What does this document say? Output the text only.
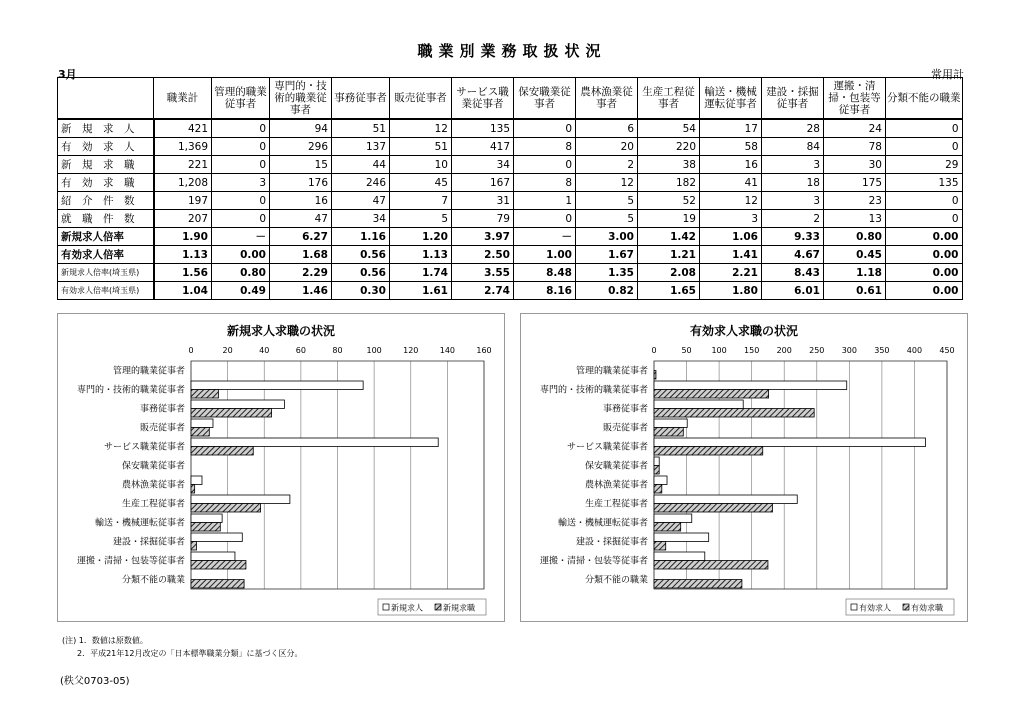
職業別業務取扱状況
3月	常用計
	職業計	管理的職業従事者	専門的・技術的職業従事者	事務従事者	販売従事者	サービス職業従事者	保安職業従事者	農林漁業従事者	生産工程従事者	輸送・機械運転従事者	建設・採掘従事者	運搬・清掃・包装等従事者	分類不能の職業
新　規　求　人	421	0	94	51	12	135	0	6	54	17	28	24	0
有　効　求　人	1,369	0	296	137	51	417	8	20	220	58	84	78	0
新　規　求　職	221	0	15	44	10	34	0	2	38	16	3	30	29
有　効　求　職	1,208	3	176	246	45	167	8	12	182	41	18	175	135
紹　介　件　数	197	0	16	47	7	31	1	5	52	12	3	23	0
就　職　件　数	207	0	47	34	5	79	0	5	19	3	2	13	0
新規求人倍率	1.90	－	6.27	1.16	1.20	3.97	－	3.00	1.42	1.06	9.33	0.80	0.00
有効求人倍率	1.13	0.00	1.68	0.56	1.13	2.50	1.00	1.67	1.21	1.41	4.67	0.45	0.00
新規求人倍率(埼玉県)	1.56	0.80	2.29	0.56	1.74	3.55	8.48	1.35	2.08	2.21	8.43	1.18	0.00
有効求人倍率(埼玉県)	1.04	0.49	1.46	0.30	1.61	2.74	8.16	0.82	1.65	1.80	6.01	0.61	0.00
新規求人求職の状況
0	20	40	60	80	100	120	140	160
管理的職業従事者
専門的・技術的職業従事者
事務従事者
販売従事者
サービス職業従事者
保安職業従事者
農林漁業従事者
生産工程従事者
輸送・機械運転従事者
建設・採掘従事者
運搬・清掃・包装等従事者
分類不能の職業
新規求人	新規求職
有効求人求職の状況
0	50 100 150 200 250 300 350 400 450
管理的職業従事者
専門的・技術的職業従事者
事務従事者
販売従事者
サービス職業従事者
保安職業従事者
農林漁業従事者
生産工程従事者
輸送・機械運転従事者
建設・採掘従事者
運搬・清掃・包装等従事者
分類不能の職業
有効求人	有効求職
(注) 1．数値は原数値。
2．平成21年12月改定の「日本標準職業分類」に基づく区分。
(秩父0703-05)
